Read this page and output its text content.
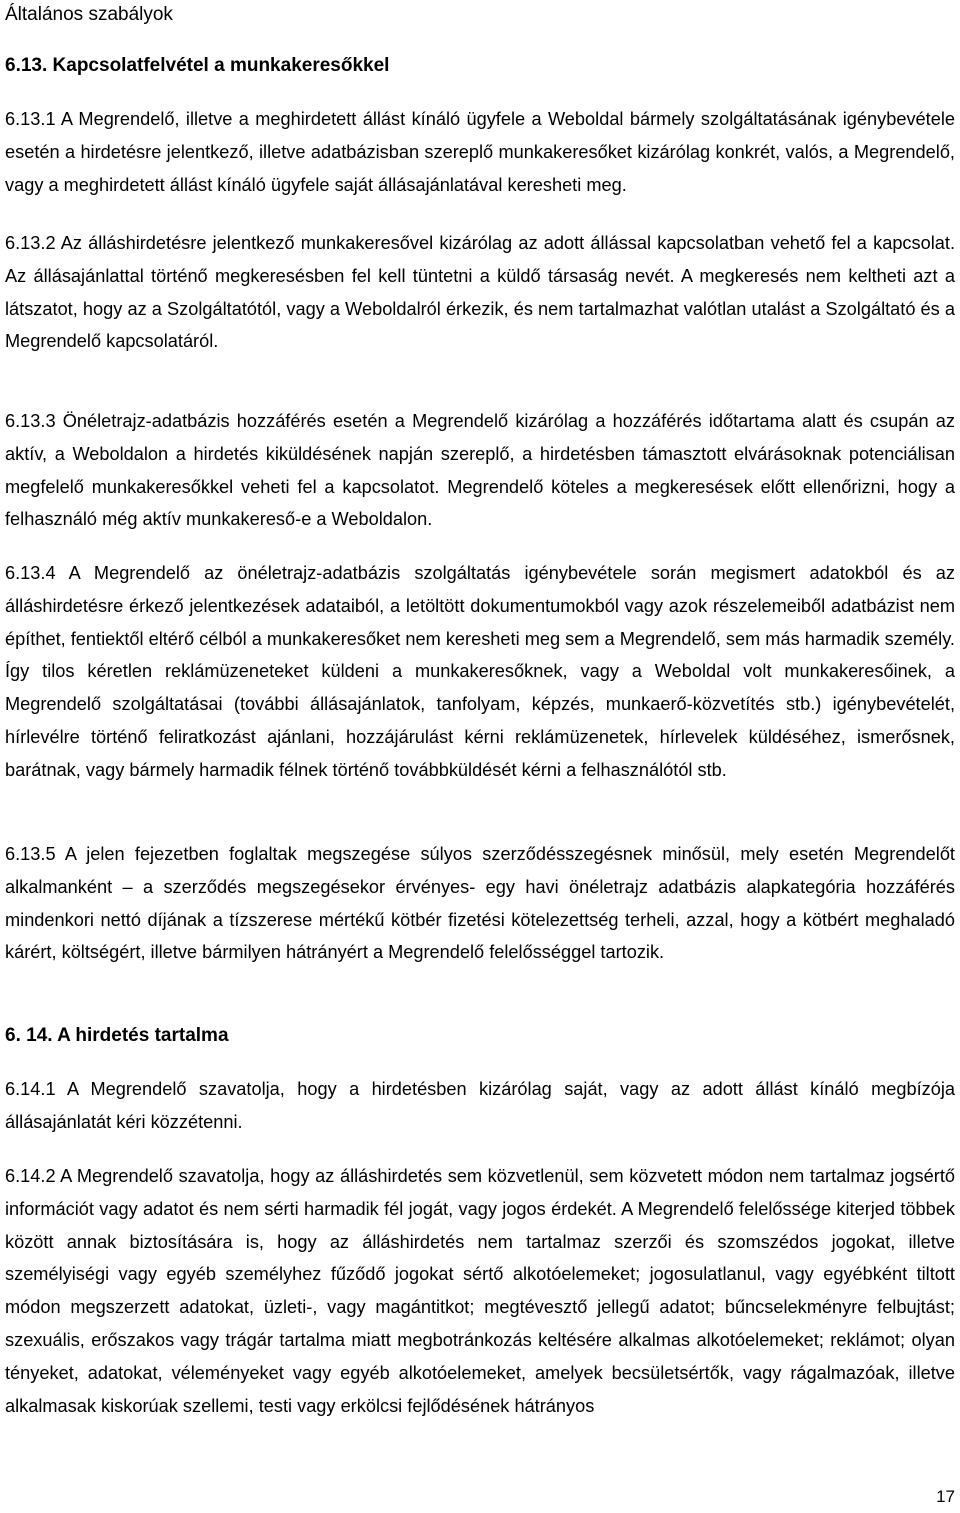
Általános szabályok
6.13. Kapcsolatfelvétel a munkakeresőkkel

6.13.1 A Megrendelő, illetve a meghirdetett állást kínáló ügyfele a Weboldal bármely szolgáltatásának igénybevétele esetén a hirdetésre jelentkező, illetve adatbázisban szereplő munkakeresőket kizárólag konkrét, valós, a Megrendelő, vagy a meghirdetett állást kínáló ügyfele saját állásajánlatával keresheti meg.

6.13.2 Az álláshirdetésre jelentkező munkakeresővel kizárólag az adott állással kapcsolatban vehető fel a kapcsolat. Az állásajánlattal történő megkeresésben fel kell tüntetni a küldő társaság nevét. A megkeresés nem keltheti azt a látszatot, hogy az a Szolgáltatótól, vagy a Weboldalról érkezik, és nem tartalmazhat valótlan utalást a Szolgáltató és a Megrendelő kapcsolatáról.

6.13.3 Önéletrajz-adatbázis hozzáférés esetén a Megrendelő kizárólag a hozzáférés időtartama alatt és csupán az aktív, a Weboldalon a hirdetés kiküldésének napján szereplő, a hirdetésben támasztott elvárásoknak potenciálisan megfelelő munkakeresőkkel veheti fel a kapcsolatot. Megrendelő köteles a megkeresések előtt ellenőrizni, hogy a felhasználó még aktív munkakereső-e a Weboldalon.

6.13.4 A Megrendelő az önéletrajz-adatbázis szolgáltatás igénybevétele során megismert adatokból és az álláshirdetésre érkező jelentkezések adataiból, a letöltött dokumentumokból vagy azok részelemeiből adatbázist nem építhet, fentiektől eltérő célból a munkakeresőket nem keresheti meg sem a Megrendelő, sem más harmadik személy. Így tilos kéretlen reklámüzeneteket küldeni a munkakeresőknek, vagy a Weboldal volt munkakeresőinek, a Megrendelő szolgáltatásai (további állásajánlatok, tanfolyam, képzés, munkaerő-közvetítés stb.) igénybevételét, hírlevélre történő feliratkozást ajánlani, hozzájárulást kérni reklámüzenetek, hírlevelek küldéséhez, ismerősnek, barátnak, vagy bármely harmadik félnek történő továbbküldését kérni a felhasználótól stb.

6.13.5 A jelen fejezetben foglaltak megszegése súlyos szerződésszegésnek minősül, mely esetén Megrendelőt alkalmanként – a szerződés megszegésekor érvényes- egy havi önéletrajz adatbázis alapkategória hozzáférés mindenkori nettó díjának a tízszerese mértékű kötbér fizetési kötelezettség terheli, azzal, hogy a kötbért meghaladó kárért, költségért, illetve bármilyen hátrányért a Megrendelő felelősséggel tartozik.

6. 14. A hirdetés tartalma

6.14.1 A Megrendelő szavatolja, hogy a hirdetésben kizárólag saját, vagy az adott állást kínáló megbízója állásajánlatát kéri közzétenni.

6.14.2 A Megrendelő szavatolja, hogy az álláshirdetés sem közvetlenül, sem közvetett módon nem tartalmaz jogsértő információt vagy adatot és nem sérti harmadik fél jogát, vagy jogos érdekét. A Megrendelő felelőssége kiterjed többek között annak biztosítására is, hogy az álláshirdetés nem tartalmaz szerzői és szomszédos jogokat, illetve személyiségi vagy egyéb személyhez fűződő jogokat sértő alkotóelemeket; jogosulatlanul, vagy egyébként tiltott módon megszerzett adatokat, üzleti-, vagy magántitkot; megtévesztő jellegű adatot; bűncselekményre felbujtást; szexuális, erőszakos vagy trágár tartalma miatt megbotránkozás keltésére alkalmas alkotóelemeket; reklámot; olyan tényeket, adatokat, véleményeket vagy egyéb alkotóelemeket, amelyek becsületsértők, vagy rágalmazóak, illetve alkalmasak kiskorúak szellemi, testi vagy erkölcsi fejlődésének hátrányos

17
